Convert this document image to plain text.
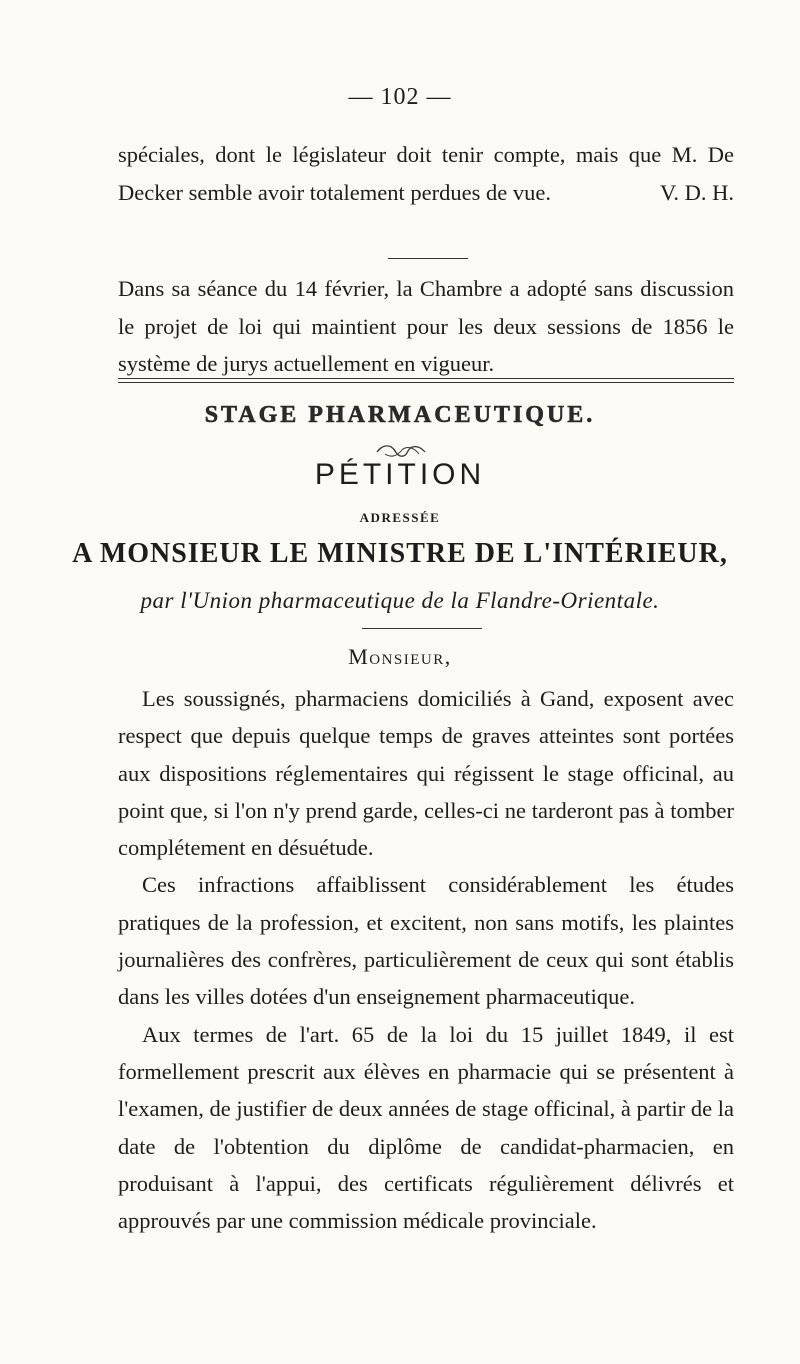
— 102 —
spéciales, dont le législateur doit tenir compte, mais que M. De
Decker semble avoir totalement perdues de vue.	V. D. H.

Dans sa séance du 14 février, la Chambre a adopté sans discussion le projet de loi qui maintient pour les deux sessions de 1856 le système de jurys actuellement en vigueur.

STAGE PHARMACEUTIQUE.
PÉTITION
ADRESSÉE
A MONSIEUR LE MINISTRE DE L'INTÉRIEUR,
par l'Union pharmaceutique de la Flandre-Orientale.
Monsieur,

Les soussignés, pharmaciens domiciliés à Gand, exposent avec respect que depuis quelque temps de graves atteintes sont portées aux dispositions réglementaires qui régissent le stage officinal, au point que, si l'on n'y prend garde, celles-ci ne tarderont pas à tomber complétement en désuétude.

Ces infractions affaiblissent considérablement les études pratiques de la profession, et excitent, non sans motifs, les plaintes journalières des confrères, particulièrement de ceux qui sont établis dans les villes dotées d'un enseignement pharmaceutique.

Aux termes de l'art. 65 de la loi du 15 juillet 1849, il est formellement prescrit aux élèves en pharmacie qui se présentent à l'examen, de justifier de deux années de stage officinal, à partir de la date de l'obtention du diplôme de candidat-pharmacien, en produisant à l'appui, des certificats régulièrement délivrés et approuvés par une commission médicale provinciale.
